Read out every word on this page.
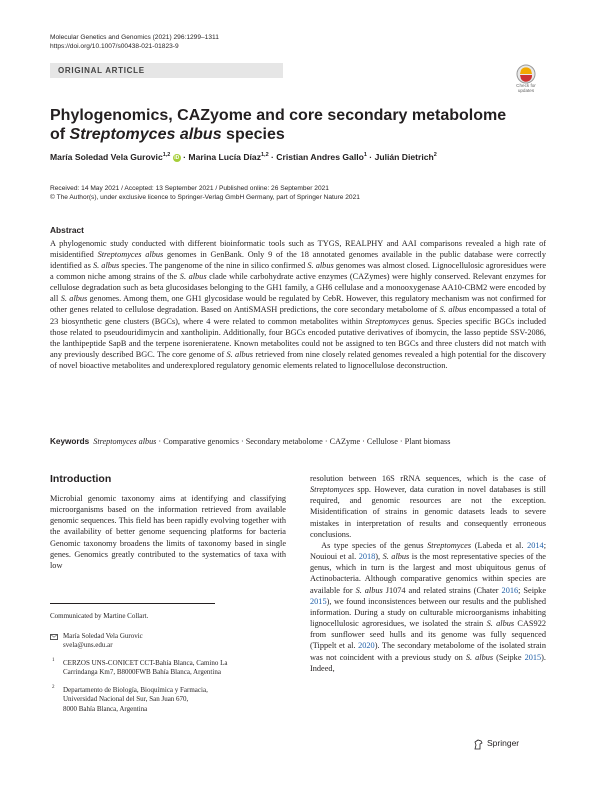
Molecular Genetics and Genomics (2021) 296:1299–1311
https://doi.org/10.1007/s00438-021-01823-9
ORIGINAL ARTICLE
Check for updates
Phylogenomics, CAZyome and core secondary metabolome
of Streptomyces albus species
María Soledad Vela Gurovic$^{1,2}$ iD · Marina Lucía Díaz$^{1,2}$ · Cristian Andres Gallo$^1$ · Julián Dietrich$^2$
Received: 14 May 2021 / Accepted: 13 September 2021 / Published online: 26 September 2021
© The Author(s), under exclusive licence to Springer-Verlag GmbH Germany, part of Springer Nature 2021
Abstract
A phylogenomic study conducted with different bioinformatic tools such as TYGS, REALPHY and AAI comparisons revealed a high rate of misidentified Streptomyces albus genomes in GenBank. Only 9 of the 18 annotated genomes available in the public database were correctly identified as S. albus species. The pangenome of the nine in silico confirmed S. albus genomes was almost closed. Lignocellulosic agroresidues were a common niche among strains of the S. albus clade while carbohydrate active enzymes (CAZymes) were highly conserved. Relevant enzymes for cellulose degradation such as beta glucosidases belonging to the GH1 family, a GH6 cellulase and a monooxygenase AA10-CBM2 were encoded by all S. albus genomes. Among them, one GH1 glycosidase would be regulated by CebR. However, this regulatory mechanism was not confirmed for other genes related to cellulose degradation. Based on AntiSMASH predictions, the core secondary metabolome of S. albus encompassed a total of 23 biosynthetic gene clusters (BGCs), where 4 were related to common metabolites within Streptomyces genus. Species specific BGCs included those related to pseudouridimycin and xantholipin. Additionally, four BGCs encoded putative derivatives of ibomycin, the lasso peptide SSV-2086, the lanthipeptide SapB and the terpene isorenieratene. Known metabolites could not be assigned to ten BGCs and three clusters did not match with any previously described BGC. The core genome of S. albus retrieved from nine closely related genomes revealed a high potential for the discovery of novel bioactive metabolites and underexplored regulatory genomic elements related to lignocellulose deconstruction.
Keywords Streptomyces albus · Comparative genomics · Secondary metabolome · CAZyme · Cellulose · Plant biomass
Introduction

Microbial genomic taxonomy aims at identifying and classifying microorganisms based on the information retrieved from available genomic sequences. This field has been rapidly evolving together with the availability of better genome sequencing platforms for bacteria Genomic taxonomy broadens the limits of taxonomy based in single genes. Genomics greatly contributed to the systematics of taxa with low

resolution between 16S rRNA sequences, which is the case of Streptomyces spp. However, data curation in novel databases is still required, and genomic resources are not the exception. Misidentification of strains in genomic datasets leads to severe mistakes in interpretation of results and consequently erroneous conclusions.

As type species of the genus Streptomyces (Labeda et al. 2014; Nouioui et al. 2018), S. albus is the most representative species of the genus, which in turn is the largest and most ubiquitous genus of Actinobacteria. Although comparative genomics within species are available for S. albus J1074 and related strains (Chater 2016; Seipke 2015), we found inconsistences between our results and the published information. During a study on culturable microorganisms inhabiting lignocellulosic agroresidues, we isolated the strain S. albus CAS922 from sunflower seed hulls and its genome was fully sequenced (Tippelt et al. 2020). The secondary metabolome of the isolated strain was not coincident with a previous study on S. albus (Seipke 2015). Indeed,

Communicated by Martine Collart.
María Soledad Vela Gurovic
svela@uns.edu.ar
1 CERZOS UNS-CONICET CCT-Bahía Blanca, Camino La
Carrindanga Km7, B8000FWB Bahía Blanca, Argentina
2 Departamento de Biología, Bioquímica y Farmacia,
Universidad Nacional del Sur, San Juan 670,
8000 Bahía Blanca, Argentina
Springer
